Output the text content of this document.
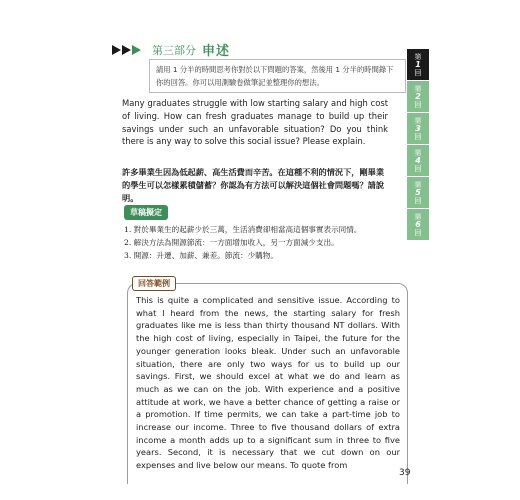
第三部分 申述
請用 1 分半的時間思考你對於以下問題的答案，然後用 1 分半的時間錄下你的回答。你可以用測驗卷做筆記並整理你的想法。
Many graduates struggle with low starting salary and high cost of living. How can fresh graduates manage to build up their savings under such an unfavorable situation? Do you think there is any way to solve this social issue? Please explain.
許多畢業生因為低起薪、高生活費而辛苦。在這種不利的情況下，剛畢業的學生可以怎樣累積儲蓄？你認為有方法可以解決這個社會問題嗎？請說明。
草稿擬定
1. 對於畢業生的起薪少於三萬，生活消費卻相當高這個事實表示同情。
2. 解決方法為開源節流：一方面增加收入，另一方面減少支出。
3. 開源：升遷、加薪、兼差。節流：少購物。
回答範例
This is quite a complicated and sensitive issue. According to what I heard from the news, the starting salary for fresh graduates like me is less than thirty thousand NT dollars. With the high cost of living, especially in Taipei, the future for the younger generation looks bleak. Under such an unfavorable situation, there are only two ways for us to build up our savings. First, we should excel at what we do and learn as much as we can on the job. With experience and a positive attitude at work, we have a better chance of getting a raise or a promotion. If time permits, we can take a part-time job to increase our income. Three to five thousand dollars of extra income a month adds up to a significant sum in three to five years. Second, it is necessary that we cut down on our expenses and live below our means. To quote from
39
第
1
回
第
2
回
第
3
回
第
4
回
第
5
回
第
6
回
